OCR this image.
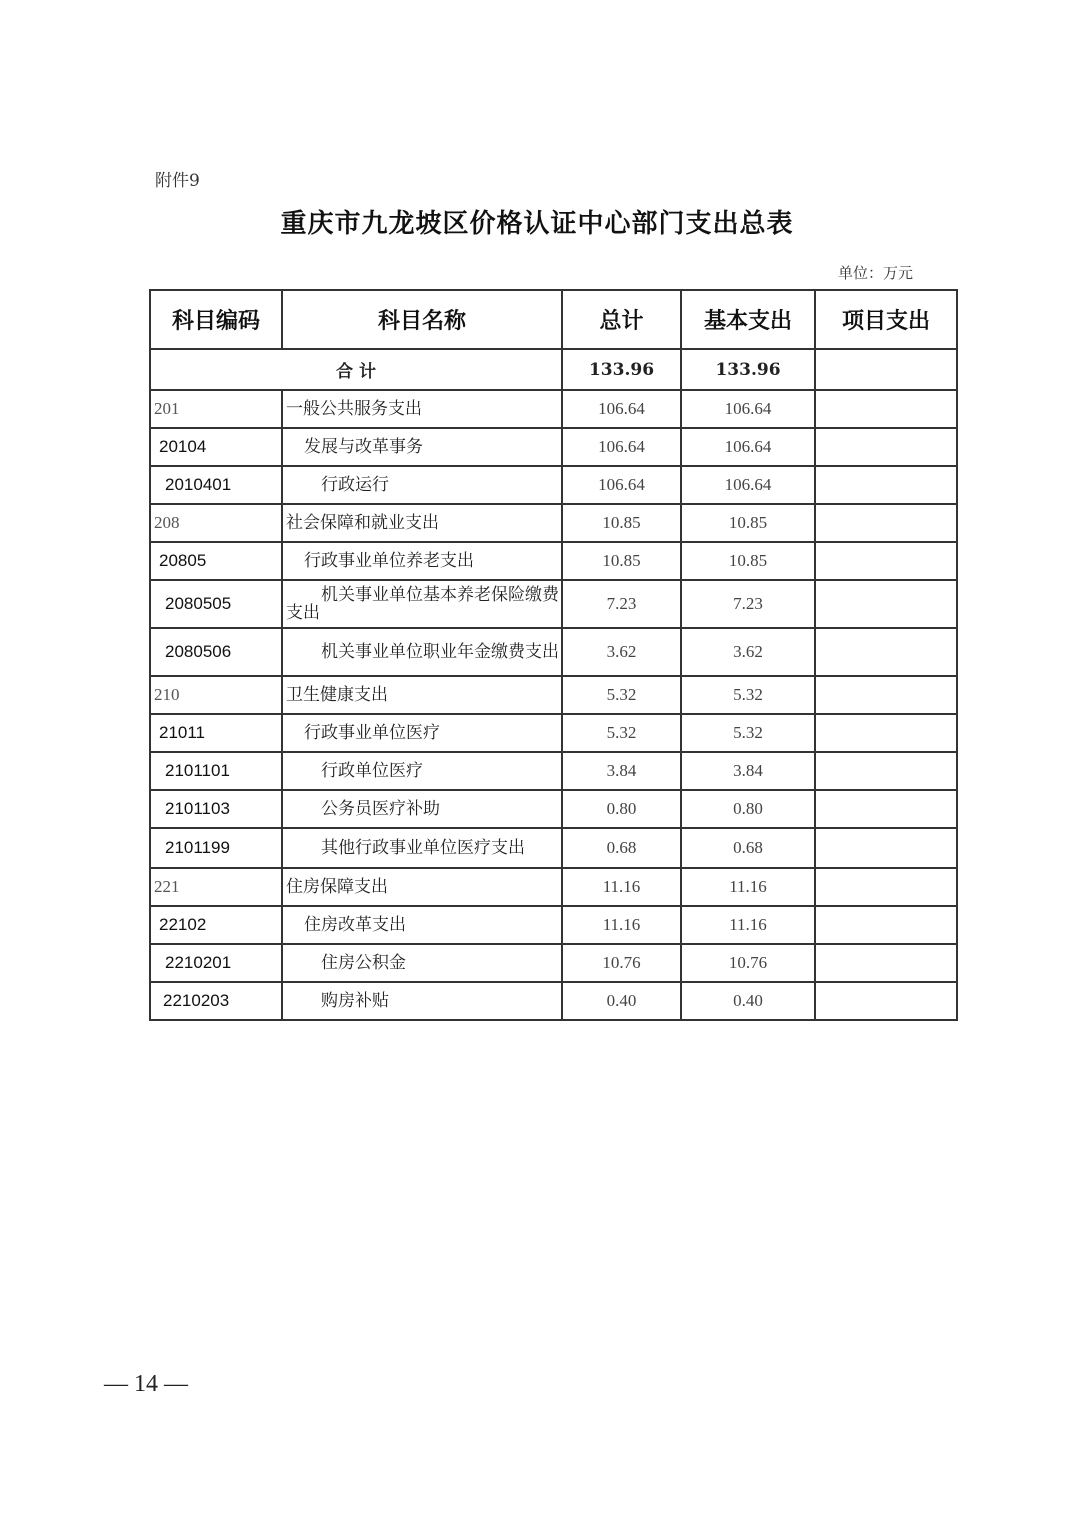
附件9
重庆市九龙坡区价格认证中心部门支出总表
单位：万元
科目编码	科目名称	总计	基本支出	项目支出
合 计		133.96	133.96	
201	一般公共服务支出	106.64	106.64	
20104	发展与改革事务	106.64	106.64	
2010401	行政运行	106.64	106.64	
208	社会保障和就业支出	10.85	10.85	
20805	行政事业单位养老支出	10.85	10.85	
2080505	机关事业单位基本养老保险缴费支出	7.23	7.23	
2080506	机关事业单位职业年金缴费支出	3.62	3.62	
210	卫生健康支出	5.32	5.32	
21011	行政事业单位医疗	5.32	5.32	
2101101	行政单位医疗	3.84	3.84	
2101103	公务员医疗补助	0.80	0.80	
2101199	其他行政事业单位医疗支出	0.68	0.68	
221	住房保障支出	11.16	11.16	
22102	住房改革支出	11.16	11.16	
2210201	住房公积金	10.76	10.76	
2210203	购房补贴	0.40	0.40	
— 14 —
